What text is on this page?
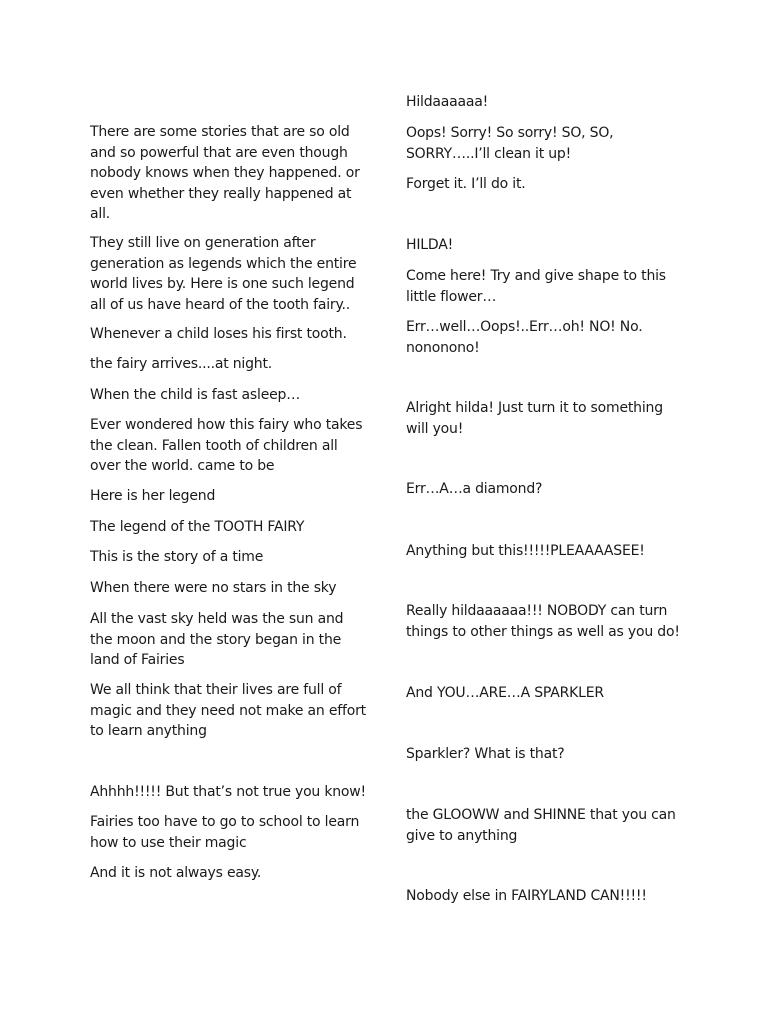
There are some stories that are so old
and so powerful that are even though
nobody knows when they happened. or
even whether they really happened at
all.

They still live on generation after
generation as legends which the entire
world lives by. Here is one such legend
all of us have heard of the tooth fairy..

Whenever a child loses his first tooth.

the fairy arrives....at night.

When the child is fast asleep…

Ever wondered how this fairy who takes
the clean. Fallen tooth of children all
over the world. came to be

Here is her legend

The legend of the TOOTH FAIRY

This is the story of a time

When there were no stars in the sky

All the vast sky held was the sun and
the moon and the story began in the
land of Fairies

We all think that their lives are full of
magic and they need not make an effort
to learn anything

Ahhhh!!!!! But that’s not true you know!

Fairies too have to go to school to learn
how to use their magic

And it is not always easy.

Hildaaaaaa!

Oops! Sorry! So sorry! SO, SO,
SORRY…..I’ll clean it up!

Forget it. I’ll do it.

HILDA!

Come here! Try and give shape to this
little flower…

Err…well…Oops!..Err…oh! NO! No.
nononono!

Alright hilda! Just turn it to something
will you!

Err…A…a diamond?

Anything but this!!!!!PLEAAAASEE!

Really hildaaaaaa!!! NOBODY can turn
things to other things as well as you do!

And YOU…ARE…A SPARKLER

Sparkler? What is that?

the GLOOWW and SHINNE that you can
give to anything

Nobody else in FAIRYLAND CAN!!!!!
